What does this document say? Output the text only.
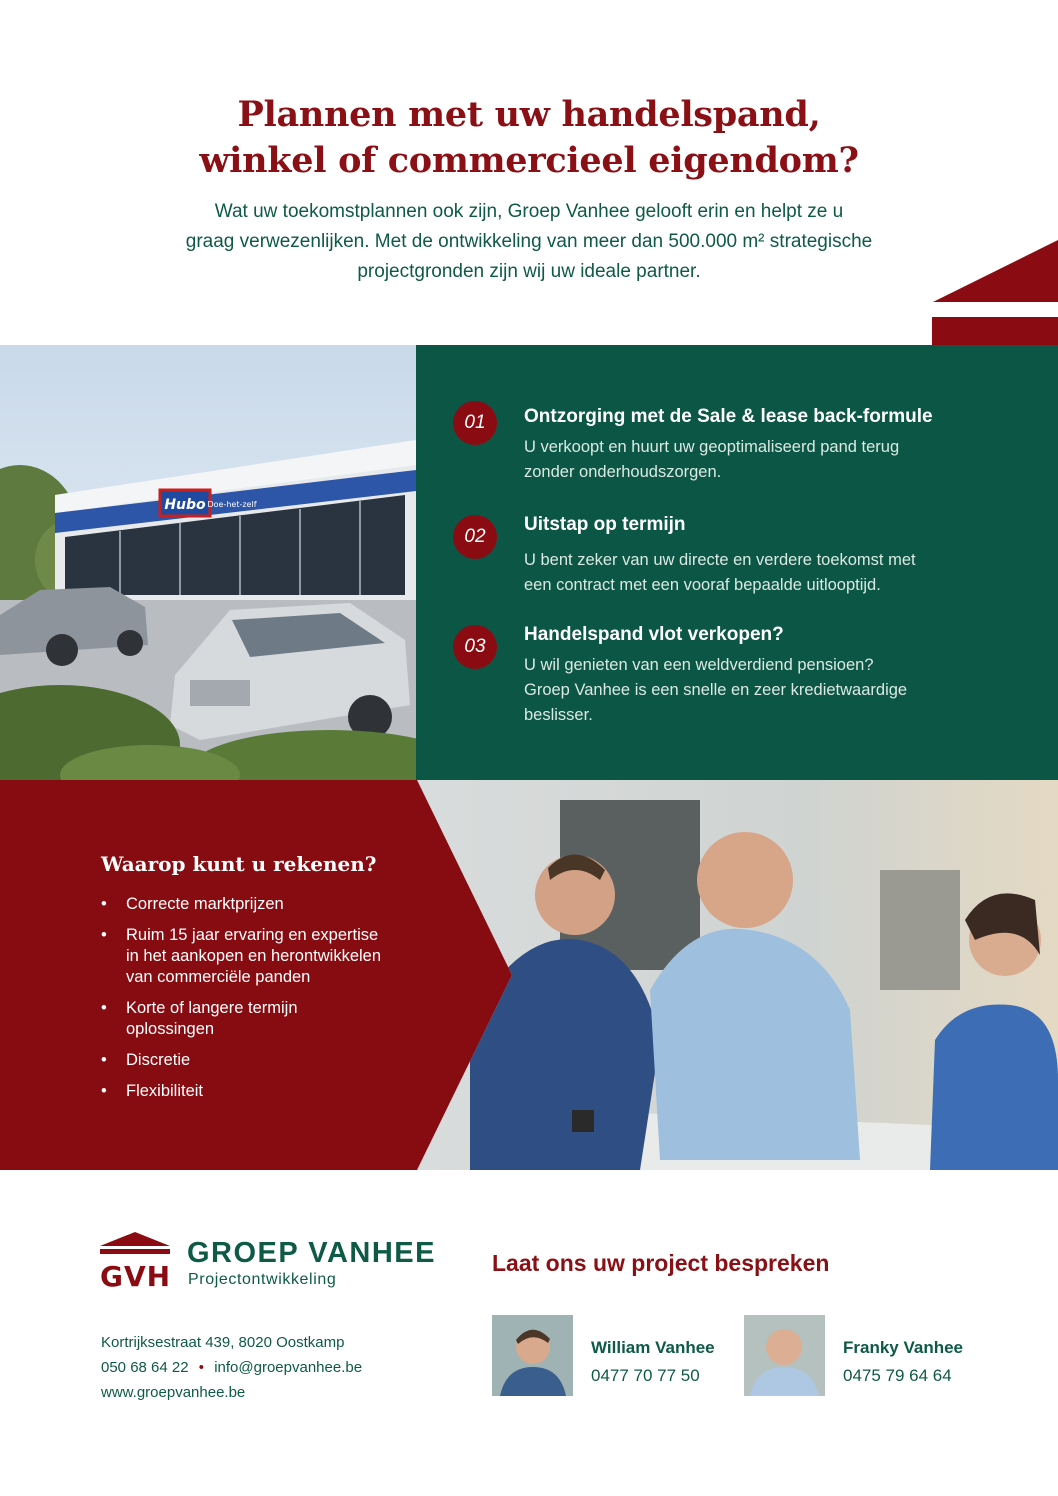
Plannen met uw handelspand,
winkel of commercieel eigendom?
Wat uw toekomstplannen ook zijn, Groep Vanhee gelooft erin en helpt ze u
graag verwezenlijken. Met de ontwikkeling van meer dan 500.000 m² strategische
projectgronden zijn wij uw ideale partner.
Hubo Doe-het-zelf
01	Ontzorging met de Sale & lease back-formule
U verkoopt en huurt uw geoptimaliseerd pand terug
zonder onderhoudszorgen.
02
Uitstap op termijn
U bent zeker van uw directe en verdere toekomst met
een contract met een vooraf bepaalde uitlooptijd.
03
Handelspand vlot verkopen?
U wil genieten van een weldverdiend pensioen?
Groep Vanhee is een snelle en zeer kredietwaardige
beslisser.
Waarop kunt u rekenen?
• Correcte marktprijzen
• Ruim 15 jaar ervaring en expertise
in het aankopen en herontwikkelen
van commerciële panden
• Korte of langere termijn
oplossingen
• Discretie
• Flexibiliteit
GVH
GROEP VANHEE
Projectontwikkeling
Kortrijksestraat 439, 8020 Oostkamp
050 68 64 22 • info@groepvanhee.be
www.groepvanhee.be
Laat ons uw project bespreken
William Vanhee
0477 70 77 50
Franky Vanhee
0475 79 64 64
